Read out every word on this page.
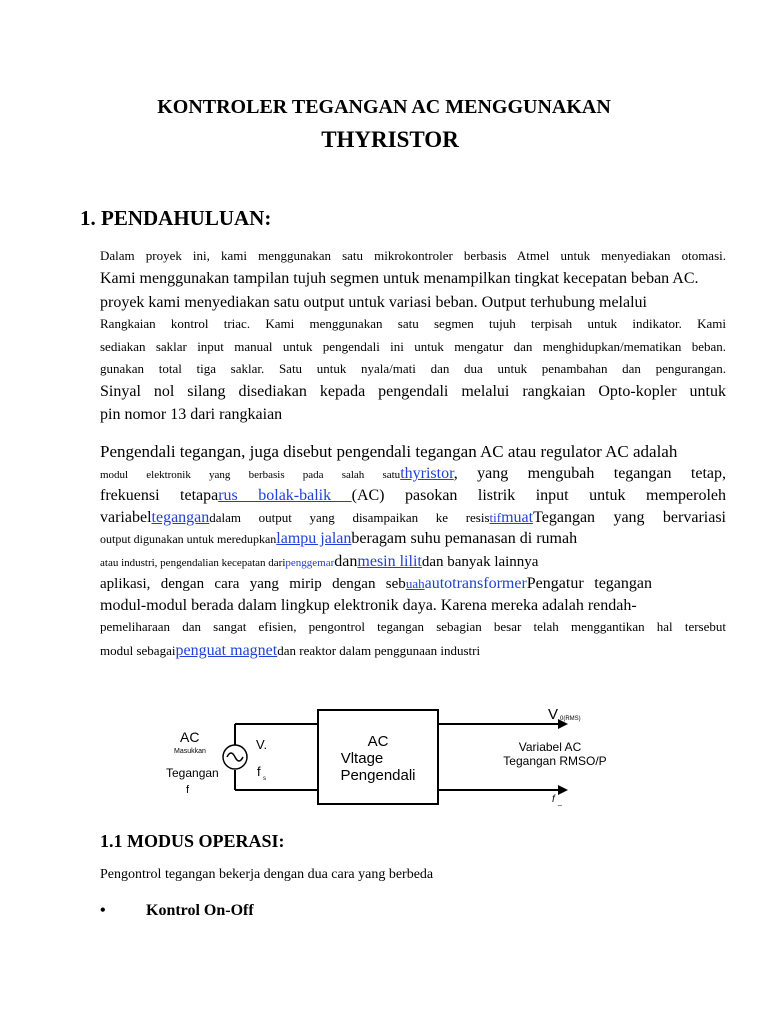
KONTROLER TEGANGAN AC MENGGUNAKAN
THYRISTOR
1. PENDAHULUAN:
Dalam proyek ini, kami menggunakan satu mikrokontroler berbasis Atmel untuk menyediakan otomasi.
Kami menggunakan tampilan tujuh segmen untuk menampilkan tingkat kecepatan beban AC.
proyek kami menyediakan satu output untuk variasi beban. Output terhubung melalui
Rangkaian kontrol triac. Kami menggunakan satu segmen tujuh terpisah untuk indikator. Kami
sediakan saklar input manual untuk pengendali ini untuk mengatur dan menghidupkan/mematikan beban.
gunakan total tiga saklar. Satu untuk nyala/mati dan dua untuk penambahan dan pengurangan.
Sinyal nol silang disediakan kepada pengendali melalui rangkaian Opto-kopler untuk
pin nomor 13 dari rangkaian
Pengendali tegangan, juga disebut pengendali tegangan AC atau regulator AC adalah
modul elektronik yang berbasis pada salah satuthyristor, yang mengubah tegangan tetap,
frekuensi tetaparus bolak-balik (AC) pasokan listrik input untuk memperoleh
variabeltegangandalam output yang disampaikan ke resistifmuatTegangan yang bervariasi
output digunakan untuk meredupkanlampu jalanberagam suhu pemanasan di rumah
atau industri, pengendalian kecepatan daripenggemardanmesin lilitdan banyak lainnya
aplikasi, dengan cara yang mirip dengan sebuahautotransformerPengatur tegangan
modul-modul berada dalam lingkup elektronik daya. Karena mereka adalah rendah-
pemeliharaan dan sangat efisien, pengontrol tegangan sebagian besar telah menggantikan hal tersebut
modul sebagaipenguat magnetdan reaktor dalam penggunaan industri
AC
Masukkan
Tegangan
f
V.
f s
AC
Vltage
Pengendali
V 0(RMS)
Variabel AC
Tegangan RMSO/P
f _
1.1 MODUS OPERASI:
Pengontrol tegangan bekerja dengan dua cara yang berbeda
•	Kontrol On-Off
